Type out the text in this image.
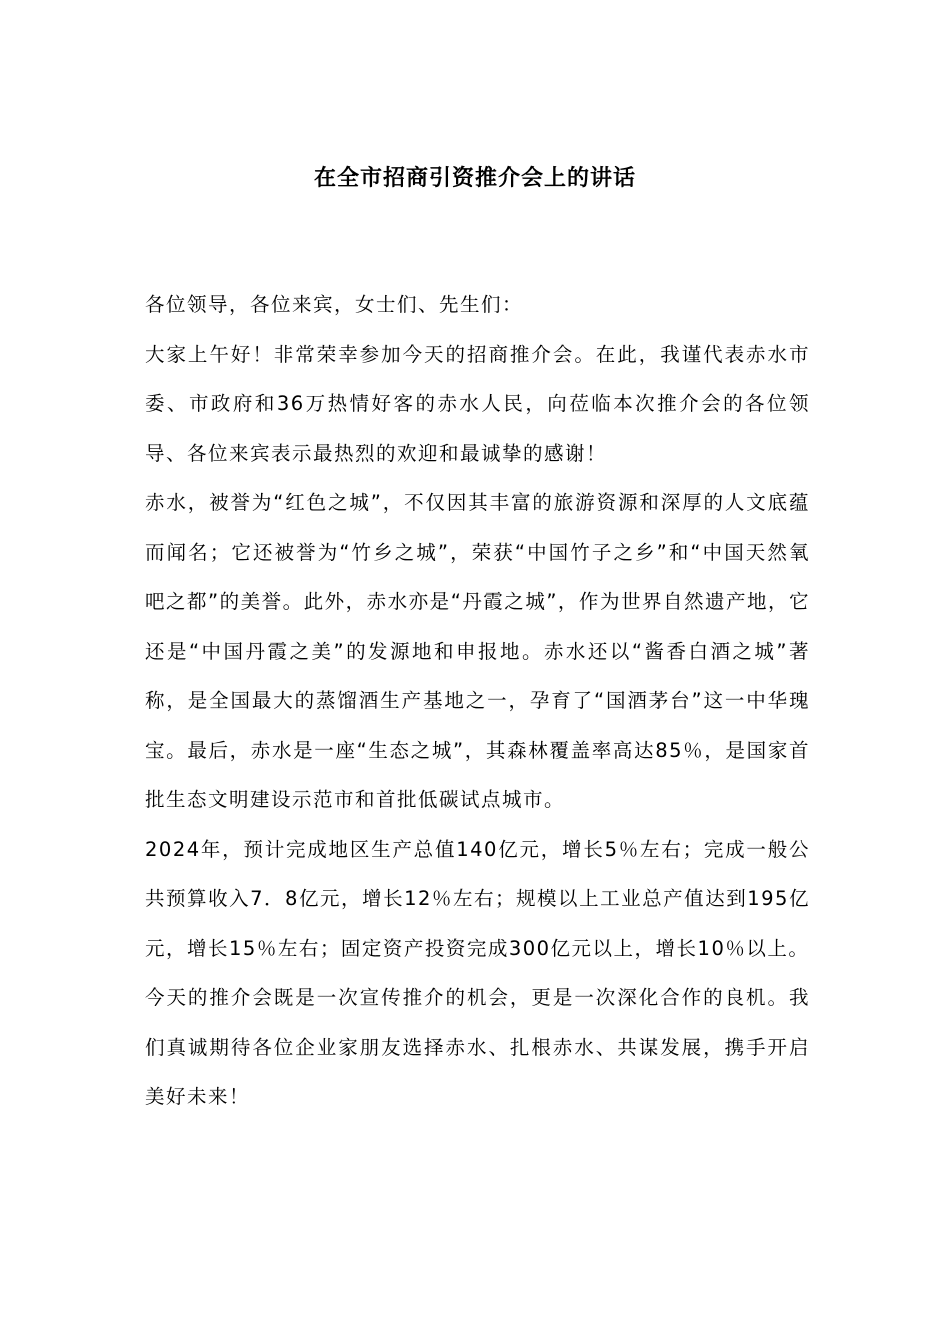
在全市招商引资推介会上的讲话

各位领导，各位来宾，女士们、先生们：

大家上午好！非常荣幸参加今天的招商推介会。在此，我谨代表赤水市委、市政府和36万热情好客的赤水人民，向莅临本次推介会的各位领导、各位来宾表示最热烈的欢迎和最诚挚的感谢！

赤水，被誉为“红色之城”，不仅因其丰富的旅游资源和深厚的人文底蕴而闻名；它还被誉为“竹乡之城”，荣获“中国竹子之乡”和“中国天然氧吧之都”的美誉。此外，赤水亦是“丹霞之城”，作为世界自然遗产地，它还是“中国丹霞之美”的发源地和申报地。赤水还以“酱香白酒之城”著称，是全国最大的蒸馏酒生产基地之一，孕育了“国酒茅台”这一中华瑰宝。最后，赤水是一座“生态之城”，其森林覆盖率高达85％，是国家首批生态文明建设示范市和首批低碳试点城市。

2024年，预计完成地区生产总值140亿元，增长5％左右；完成一般公共预算收入7．8亿元，增长12％左右；规模以上工业总产值达到195亿元，增长15％左右；固定资产投资完成300亿元以上，增长10％以上。

今天的推介会既是一次宣传推介的机会，更是一次深化合作的良机。我们真诚期待各位企业家朋友选择赤水、扎根赤水、共谋发展，携手开启美好未来！
